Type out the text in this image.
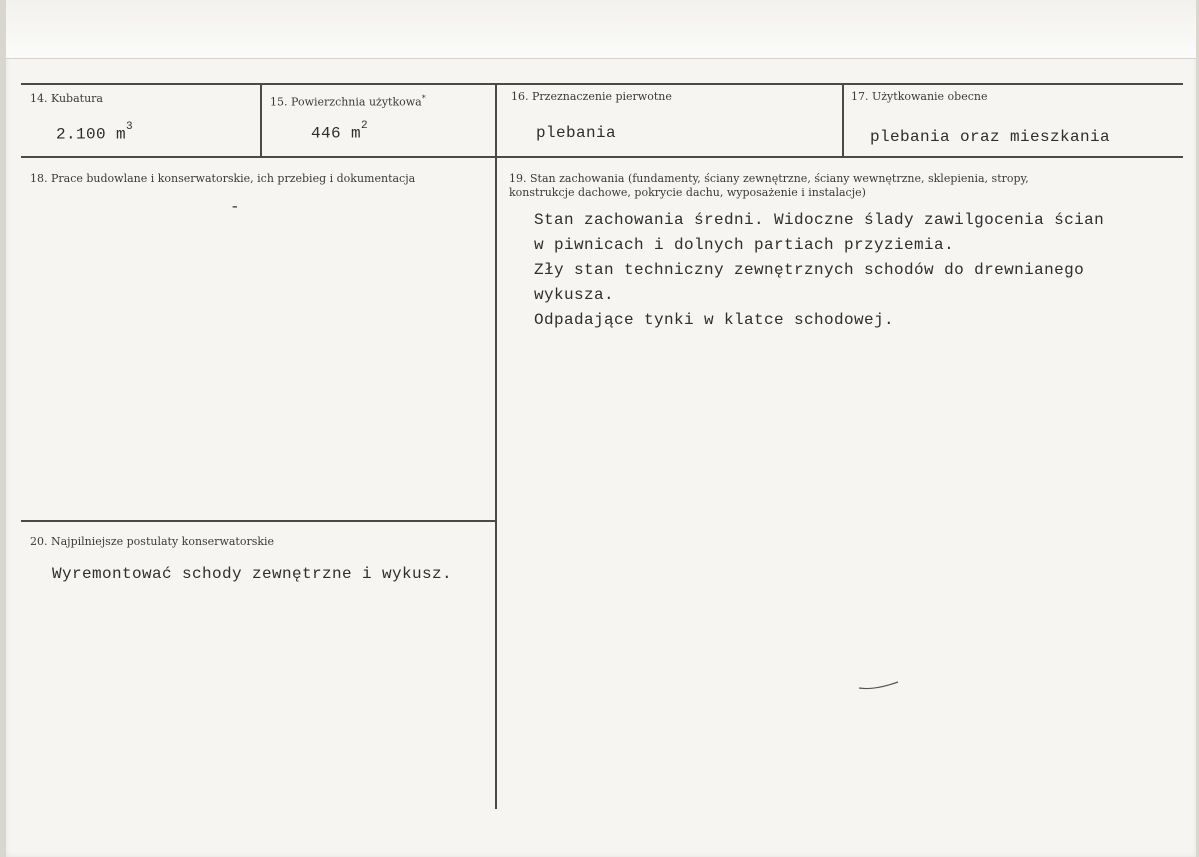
14. Kubatura
2.100 $m^3$
15. Powierzchnia użytkowa*
446 $m^2$
16. Przeznaczenie pierwotne
plebania
17. Użytkowanie obecne
plebania oraz mieszkania
18. Prace budowlane i konserwatorskie, ich przebieg i dokumentacja
-
19. Stan zachowania (fundamenty, ściany zewnętrzne, ściany wewnętrzne, sklepienia, stropy,
konstrukcje dachowe, pokrycie dachu, wyposażenie i instalacje)
Stan zachowania średni. Widoczne ślady zawilgocenia ścian
w piwnicach i dolnych partiach przyziemia.
Zły stan techniczny zewnętrznych schodów do drewnianego
wykusza.
Odpadające tynki w klatce schodowej.
20. Najpilniejsze postulaty konserwatorskie
Wyremontować schody zewnętrzne i wykusz.
